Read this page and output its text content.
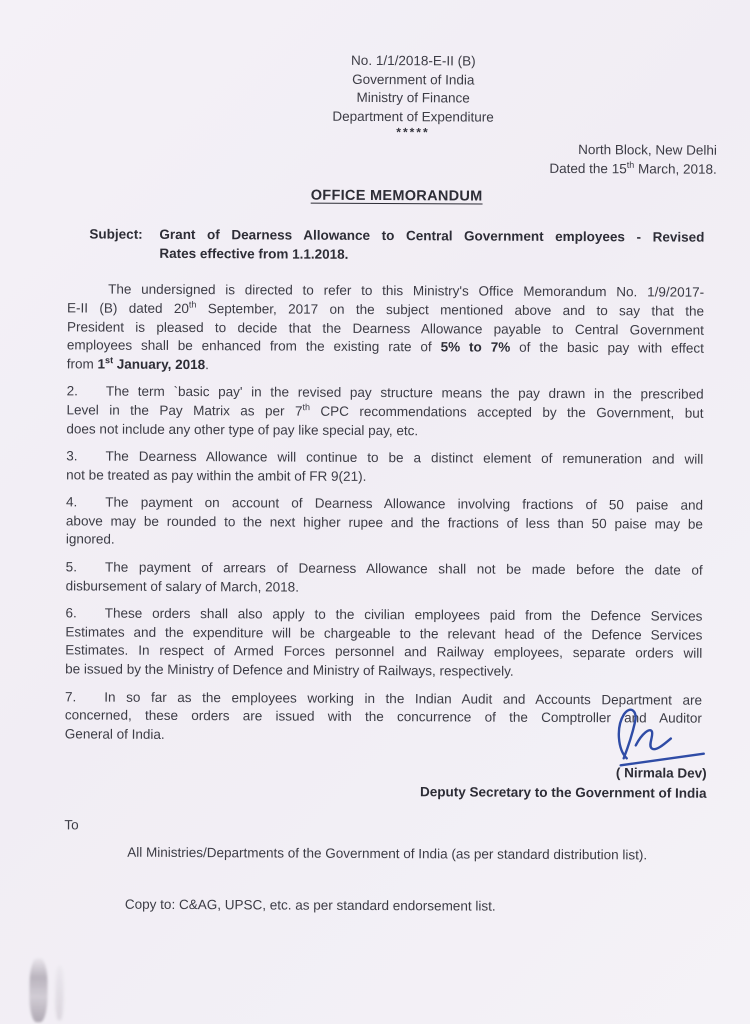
No. 1/1/2018-E-II (B)
Government of India
Ministry of Finance
Department of Expenditure
*****
North Block, New Delhi
Dated the 15th March, 2018.
OFFICE MEMORANDUM
Subject:	Grant of Dearness Allowance to Central Government employees - Revised
Rates effective from 1.1.2018.
The undersigned is directed to refer to this Ministry's Office Memorandum No. 1/9/2017-
E-II (B) dated 20th September, 2017 on the subject mentioned above and to say that the
President is pleased to decide that the Dearness Allowance payable to Central Government
employees shall be enhanced from the existing rate of 5% to 7% of the basic pay with effect
from 1st January, 2018.
2. The term `basic pay' in the revised pay structure means the pay drawn in the prescribed
Level in the Pay Matrix as per 7th CPC recommendations accepted by the Government, but
does not include any other type of pay like special pay, etc.
3. The Dearness Allowance will continue to be a distinct element of remuneration and will
not be treated as pay within the ambit of FR 9(21).
4. The payment on account of Dearness Allowance involving fractions of 50 paise and
above may be rounded to the next higher rupee and the fractions of less than 50 paise may be
ignored.
5. The payment of arrears of Dearness Allowance shall not be made before the date of
disbursement of salary of March, 2018.
6. These orders shall also apply to the civilian employees paid from the Defence Services
Estimates and the expenditure will be chargeable to the relevant head of the Defence Services
Estimates. In respect of Armed Forces personnel and Railway employees, separate orders will
be issued by the Ministry of Defence and Ministry of Railways, respectively.
7. In so far as the employees working in the Indian Audit and Accounts Department are
concerned, these orders are issued with the concurrence of the Comptroller and Auditor
General of India.
( Nirmala Dev)
Deputy Secretary to the Government of India
To
All Ministries/Departments of the Government of India (as per standard distribution list).
Copy to: C&AG, UPSC, etc. as per standard endorsement list.
